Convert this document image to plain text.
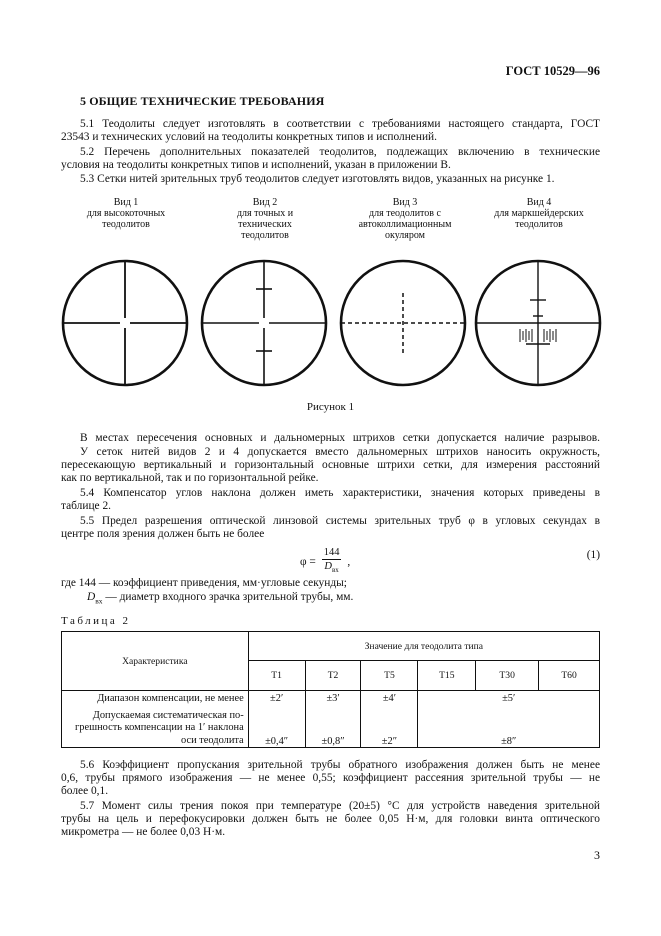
ГОСТ 10529—96
5 ОБЩИЕ ТЕХНИЧЕСКИЕ ТРЕБОВАНИЯ
5.1 Теодолиты следует изготовлять в соответствии с требованиями настоящего стандарта, ГОСТ
23543 и технических условий на теодолиты конкретных типов и исполнений.
5.2 Перечень дополнительных показателей теодолитов, подлежащих включению в технические
условия на теодолиты конкретных типов и исполнений, указан в приложении В.
5.3 Сетки нитей зрительных труб теодолитов следует изготовлять видов, указанных на рисунке 1.
Вид 1
для высокоточных теодолитов
Вид 2
для точных и технических теодолитов
Вид 3
для теодолитов с автоколлимационным окуляром
Вид 4
для маркшейдерских теодолитов
Рисунок 1
В местах пересечения основных и дальномерных штрихов сетки допускается наличие разрывов.
У сеток нитей видов 2 и 4 допускается вместо дальномерных штрихов наносить окружность,
пересекающую вертикальный и горизонтальный основные штрихи сетки, для измерения расстояний
как по вертикальной, так и по горизонтальной рейке.
5.4 Компенсатор углов наклона должен иметь характеристики, значения которых приведены в
таблице 2.
5.5 Предел разрешения оптической линзовой системы зрительных труб φ в угловых секундах в
центре поля зрения должен быть не более
φ =
144
$D_{вх}$
,
(1)
где 144 — коэффициент приведения, мм·угловые секунды;
$D_{вх}$ — диаметр входного зрачка зрительной трубы, мм.
Таблица 2
Характеристика	Значение для теодолита типа					
	Т1	Т2	Т5	Т15	Т30	Т60
Диапазон компенсации, не менее	±2′	±3′	±4′	±5′		

Допускаемая систематическая по-
грешность компенсации на 1′ наклона
оси теодолита	±0,4″	±0,8″	±2″	±8″		
5.6 Коэффициент пропускания зрительной трубы обратного изображения должен быть не менее
0,6, трубы прямого изображения — не менее 0,55; коэффициент рассеяния зрительной трубы — не
более 0,1.
5.7 Момент силы трения покоя при температуре (20±5) °С для устройств наведения зрительной
трубы на цель и перефокусировки должен быть не более 0,05 Н·м, для головки винта оптического
микрометра — не более 0,03 Н·м.
3
